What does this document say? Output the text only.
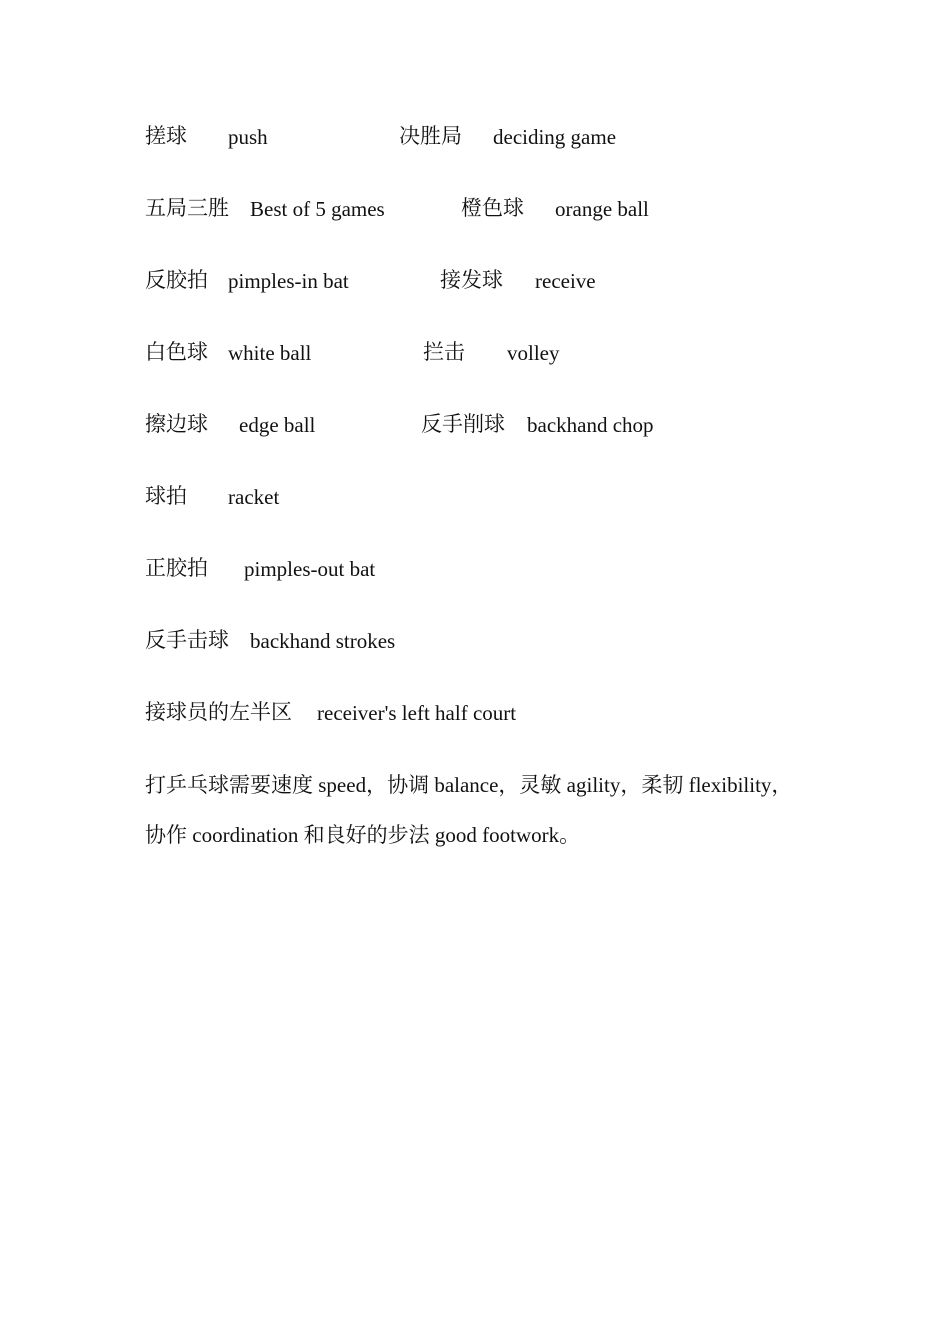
搓球 push	决胜局 deciding game
五局三胜 Best of 5 games	橙色球 orange ball
反胶拍 pimples-in bat	接发球 receive
白色球 white ball	拦击 volley
擦边球 edge ball	反手削球 backhand chop
球拍 racket
正胶拍 pimples-out bat
反手击球 backhand strokes
接球员的左半区 receiver's left half court
打乒乓球需要速度 speed，协调 balance，灵敏 agility，柔韧 flexibility，
协作 coordination 和良好的步法 good footwork。
